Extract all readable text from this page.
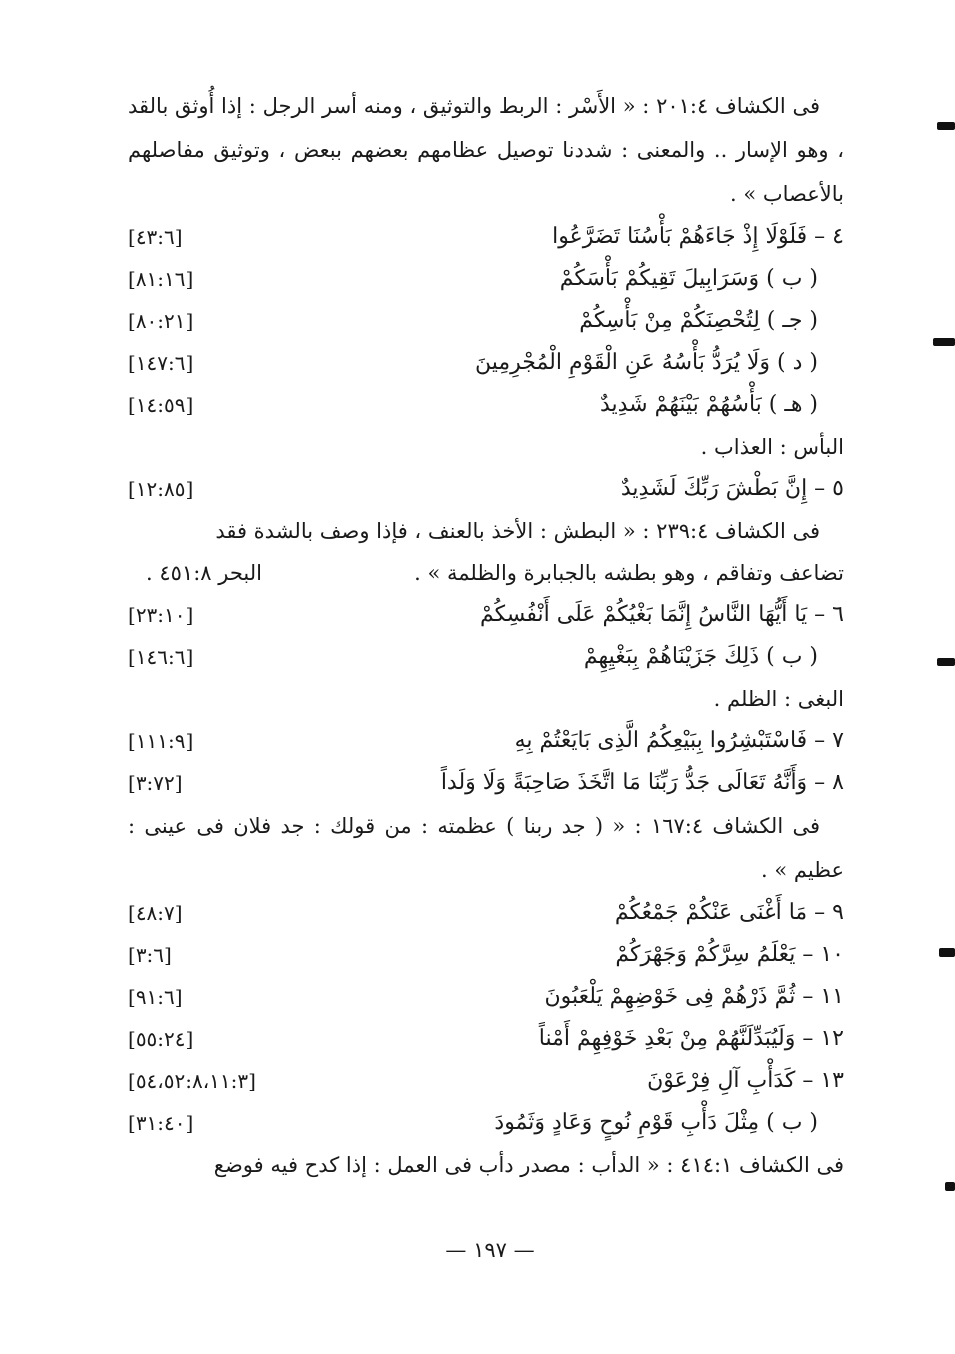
فى الكشاف ٢٠١:٤ : « الأَسْر : الربط والتوثيق ، ومنه أسر الرجل : إذا أُوثق بالقد ، وهو الإسار .. والمعنى : شددنا توصيل عظامهم بعضهم ببعض ، وتوثيق مفاصلهم بالأعصاب » .

٤ – فَلَوْلَا إِذْ جَاءَهُمْ بَأْسُنَا تَضَرَّعُوا
[٤٣:٦]
( ب ) وَسَرَابِيلَ تَقِيكُمْ بَأْسَكُمْ
[٨١:١٦]
( جـ ) لِتُحْصِنَكُمْ مِنْ بَأْسِكُمْ
[٨٠:٢١]
( د ) وَلَا يُرَدُّ بَأْسُهُ عَنِ الْقَوْمِ الْمُجْرِمِينَ
[١٤٧:٦]
( هـ ) بَأْسُهُمْ بَيْنَهُمْ شَدِيدٌ
[١٤:٥٩]
البأس : العذاب .
٥ – إِنَّ بَطْشَ رَبِّكَ لَشَدِيدٌ
[١٢:٨٥]
فى الكشاف ٢٣٩:٤ : « البطش : الأخذ بالعنف ، فإذا وصف بالشدة فقد
تضاعف وتفاقم ، وهو بطشه بالجبابرة والظلمة » .
البحر ٤٥١:٨ .
٦ – يَا أَيُّهَا النَّاسُ إِنَّمَا بَغْيُكُمْ عَلَى أَنْفُسِكُمْ
[٢٣:١٠]
( ب ) ذَلِكَ جَزَيْنَاهُمْ بِبَغْيِهِمْ
[١٤٦:٦]
البغى : الظلم .
٧ – فَاسْتَبْشِرُوا بِبَيْعِكُمُ الَّذِى بَايَعْتُمْ بِهِ
[١١١:٩]
٨ – وَأَنَّهُ تَعَالَى جَدُّ رَبِّنَا مَا اتَّخَذَ صَاحِبَةً وَلَا وَلَداً
[٣:٧٢]

فى الكشاف ١٦٧:٤ : « ( جد ربنا ) عظمته : من قولك : جد فلان فى عينى : عظيم » .

٩ – مَا أَغْنَى عَنْكُمْ جَمْعُكُمْ
[٤٨:٧]
١٠ – يَعْلَمُ سِرَّكُمْ وَجَهْرَكُمْ
[٣:٦]
١١ – ثُمَّ ذَرْهُمْ فِى خَوْضِهِمْ يَلْعَبُونَ
[٩١:٦]
١٢ – وَلَيُبَدِّلَنَّهُمْ مِنْ بَعْدِ خَوْفِهِمْ أَمْناً
[٥٥:٢٤]
١٣ – كَدَأْبِ آلِ فِرْعَوْنَ
[٥٤،٥٢:٨،١١:٣]
( ب ) مِثْلَ دَأْبِ قَوْمِ نُوحٍ وَعَادٍ وَثَمُودَ
[٣١:٤٠]
فى الكشاف ٤١٤:١ : « الدأب : مصدر دأب فى العمل : إذا كدح فيه فوضع
— ١٩٧ —
